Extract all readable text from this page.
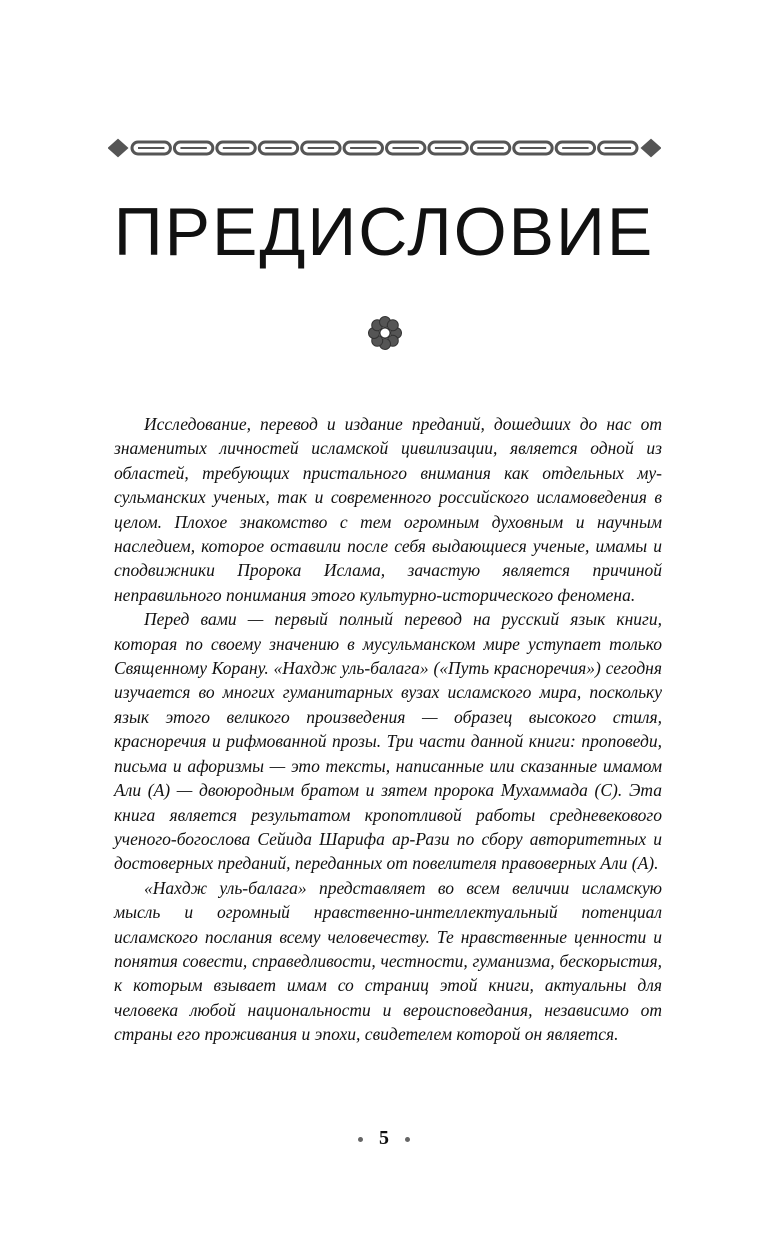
ПРЕДИСЛОВИЕ

Исследование, перевод и издание преданий, дошедших до нас от знаменитых личностей исламской цивилизации, является одной из областей, требующих пристального внимания как отдельных мусульманских ученых, так и современного российского исламоведения в целом. Плохое знакомство с тем огромным духовным и научным наследием, которое оставили после себя выдающиеся ученые, имамы и сподвижники Пророка Ислама, зачастую является причиной неправильного понимания этого культурно-исторического феномена.

Перед вами — первый полный перевод на русский язык книги, которая по своему значению в мусульманском мире уступает только Священному Корану. «Нахдж уль-балага» («Путь красноречия») сегодня изучается во многих гуманитарных вузах исламского мира, поскольку язык этого великого произведения — образец высокого стиля, красноречия и рифмованной прозы. Три части данной книги: проповеди, письма и афоризмы — это тексты, написанные или сказанные имамом Али (А) — двоюродным братом и зятем пророка Мухаммада (С). Эта книга является результатом кропотливой работы средневекового ученого-богослова Сейида Шарифа ар-Рази по сбору авторитетных и достоверных преданий, переданных от повелителя правоверных Али (А).

«Нахдж уль-балага» представляет во всем величии исламскую мысль и огромный нравственно-интеллектуальный потенциал исламского послания всему человечеству. Те нравственные ценности и понятия совести, справедливости, честности, гуманизма, бескорыстия, к которым взывает имам со страниц этой книги, актуальны для человека любой национальности и вероисповедания, независимо от страны его проживания и эпохи, свидетелем которой он является.

5
